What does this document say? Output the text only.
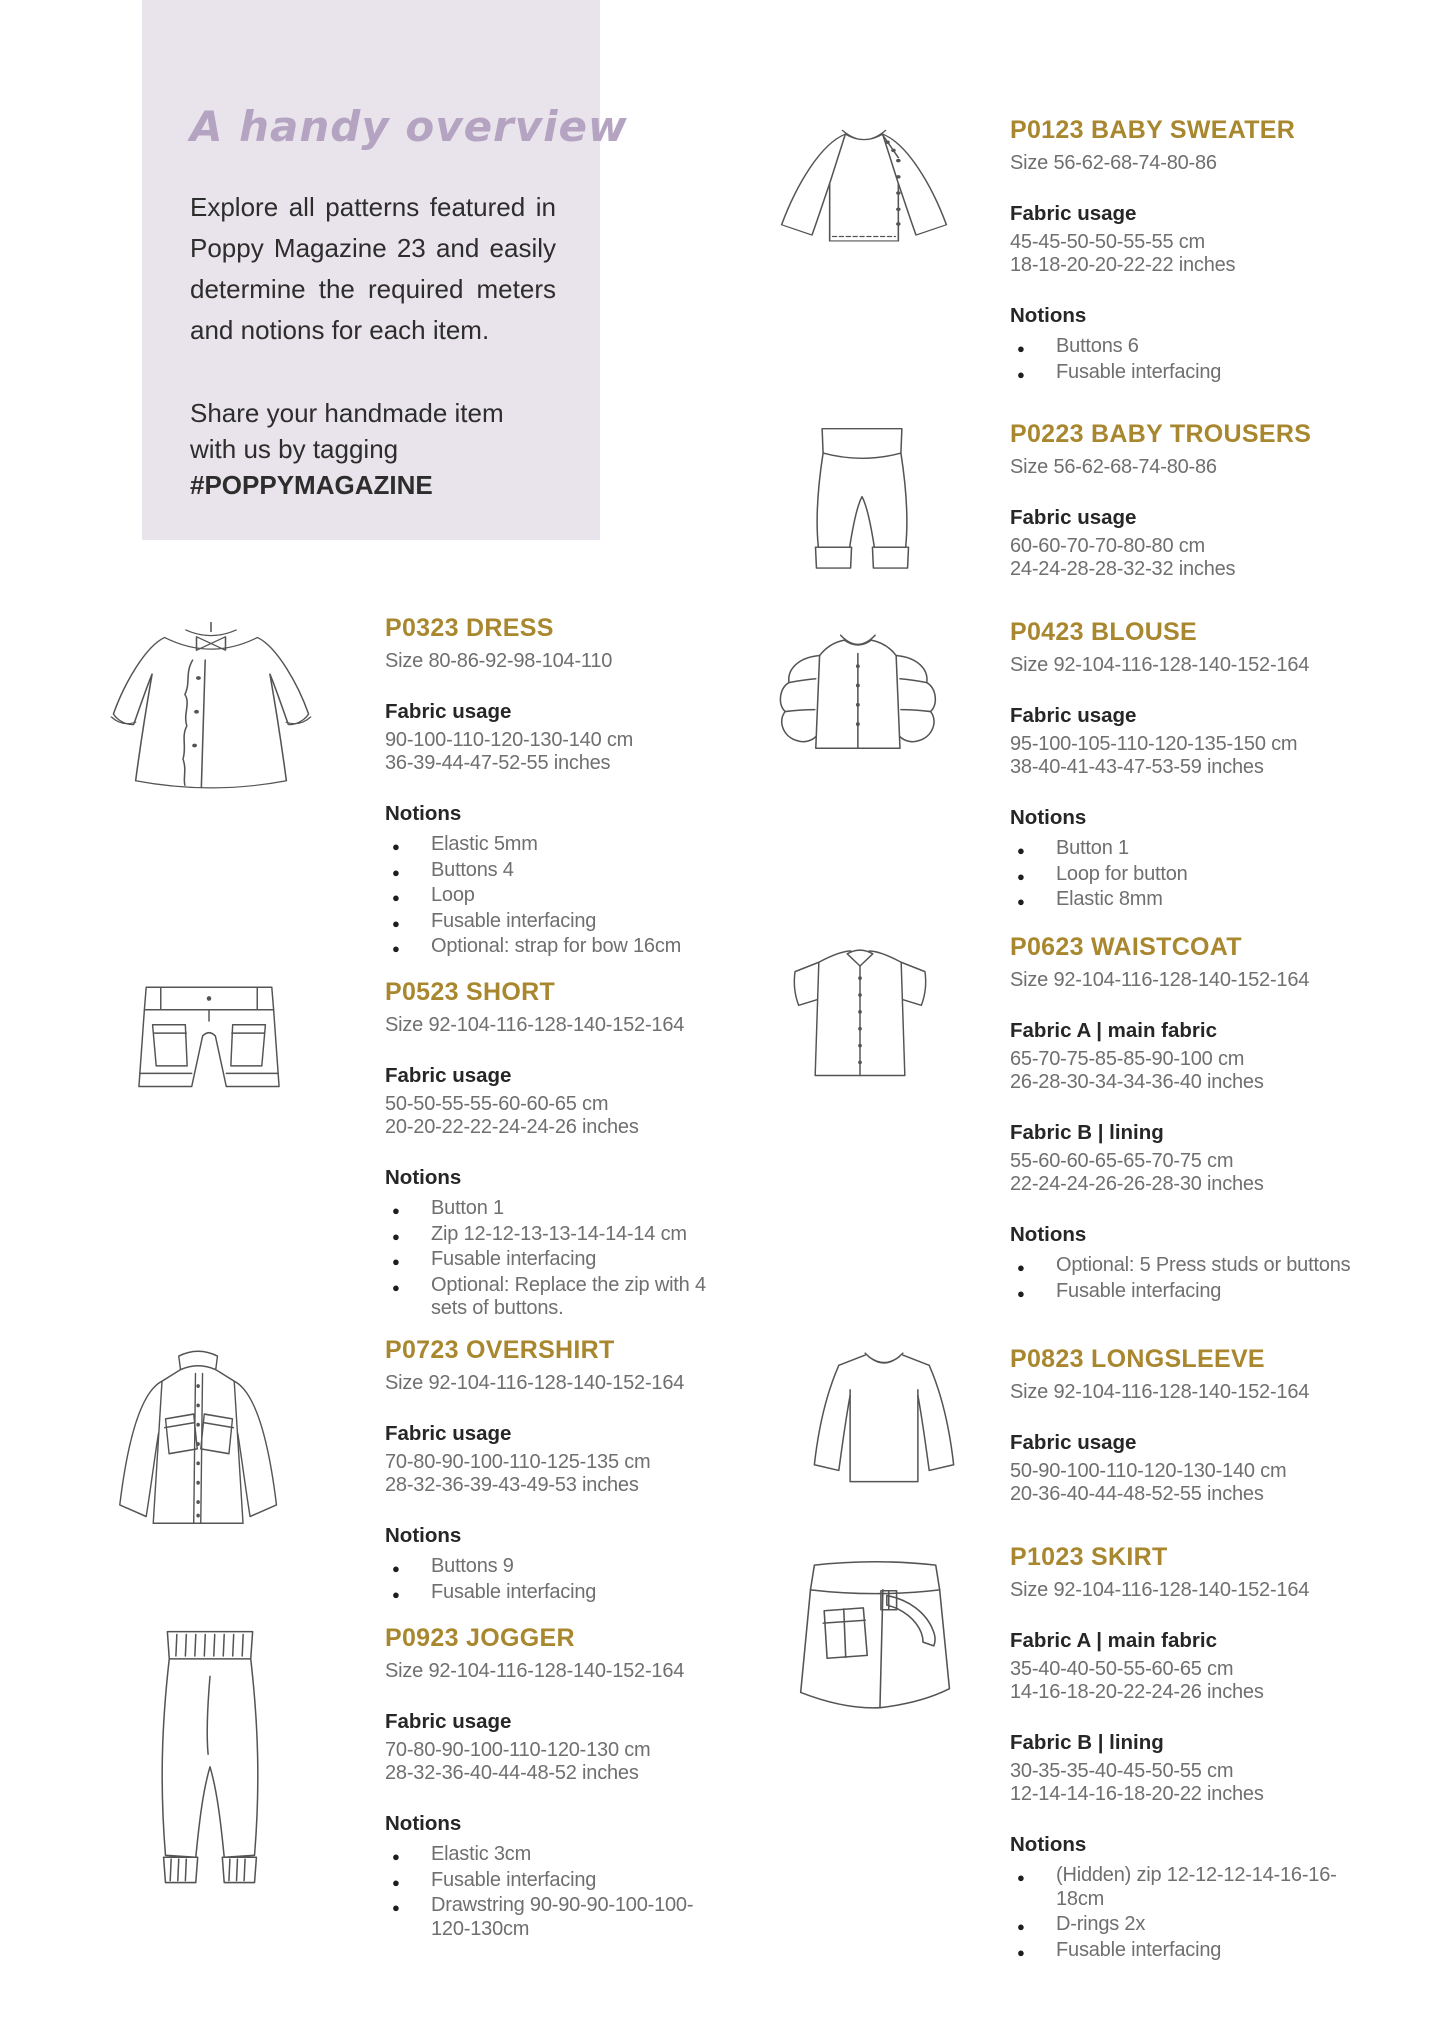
A handy overview

Explore all patterns featured in Poppy Magazine 23 and easily determine the required meters and notions for each item.

Share your handmade item with us by tagging #POPPYMAGAZINE

P0123 BABY SWEATER
Size 56-62-68-74-80-86
Fabric usage
45-45-50-50-55-55 cm
18-18-20-20-22-22 inches
Notions
● Buttons 6
● Fusable interfacing
P0223 BABY TROUSERS
Size 56-62-68-74-80-86
Fabric usage
60-60-70-70-80-80 cm
24-24-28-28-32-32 inches
P0323 DRESS
Size 80-86-92-98-104-110
Fabric usage
90-100-110-120-130-140 cm
36-39-44-47-52-55 inches
Notions
● Elastic 5mm
● Buttons 4
● Loop
● Fusable interfacing
● Optional: strap for bow 16cm
P0423 BLOUSE
Size 92-104-116-128-140-152-164
Fabric usage
95-100-105-110-120-135-150 cm
38-40-41-43-47-53-59 inches
Notions
● Button 1
● Loop for button
● Elastic 8mm
P0523 SHORT
Size 92-104-116-128-140-152-164
Fabric usage
50-50-55-55-60-60-65 cm
20-20-22-22-24-24-26 inches
Notions
● Button 1
● Zip 12-12-13-13-14-14-14 cm
● Fusable interfacing
● Optional: Replace the zip with 4 sets of buttons.
P0623 WAISTCOAT
Size 92-104-116-128-140-152-164
Fabric A | main fabric
65-70-75-85-85-90-100 cm
26-28-30-34-34-36-40 inches
Fabric B | lining
55-60-60-65-65-70-75 cm
22-24-24-26-26-28-30 inches
Notions
● Optional: 5 Press studs or buttons
● Fusable interfacing
P0723 OVERSHIRT
Size 92-104-116-128-140-152-164
Fabric usage
70-80-90-100-110-125-135 cm
28-32-36-39-43-49-53 inches
Notions
● Buttons 9
● Fusable interfacing
P0823 LONGSLEEVE
Size 92-104-116-128-140-152-164
Fabric usage
50-90-100-110-120-130-140 cm
20-36-40-44-48-52-55 inches
P0923 JOGGER
Size 92-104-116-128-140-152-164
Fabric usage
70-80-90-100-110-120-130 cm
28-32-36-40-44-48-52 inches
Notions
● Elastic 3cm
● Fusable interfacing
● Drawstring 90-90-90-100-100-120-130cm
P1023 SKIRT
Size 92-104-116-128-140-152-164
Fabric A | main fabric
35-40-40-50-55-60-65 cm
14-16-18-20-22-24-26 inches
Fabric B | lining
30-35-35-40-45-50-55 cm
12-14-14-16-18-20-22 inches
Notions
● (Hidden) zip 12-12-12-14-16-16-18cm
● D-rings 2x
● Fusable interfacing
